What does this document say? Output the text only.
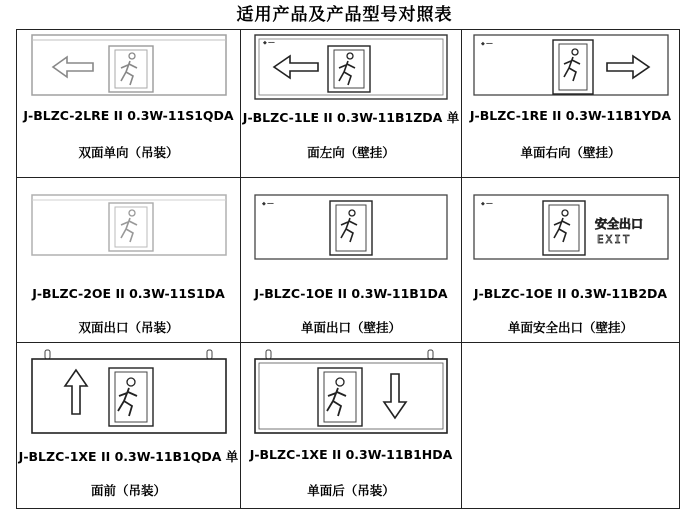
适用产品及产品型号对照表
J-BLZC-2LRE II 0.3W-11S1QDA
双面单向（吊装）
◆ ━━
J-BLZC-1LE II 0.3W-11B1ZDA 单
面左向（壁挂）
◆ ━━
J-BLZC-1RE II 0.3W-11B1YDA
单面右向（壁挂）
J-BLZC-2OE II 0.3W-11S1DA
双面出口（吊装）
◆ ━━
J-BLZC-1OE II 0.3W-11B1DA
单面出口（壁挂）
◆ ━━
安全出口
EXIT
J-BLZC-1OE II 0.3W-11B2DA
单面安全出口（壁挂）
J-BLZC-1XE II 0.3W-11B1QDA 单
面前（吊装）
J-BLZC-1XE II 0.3W-11B1HDA
单面后（吊装）
